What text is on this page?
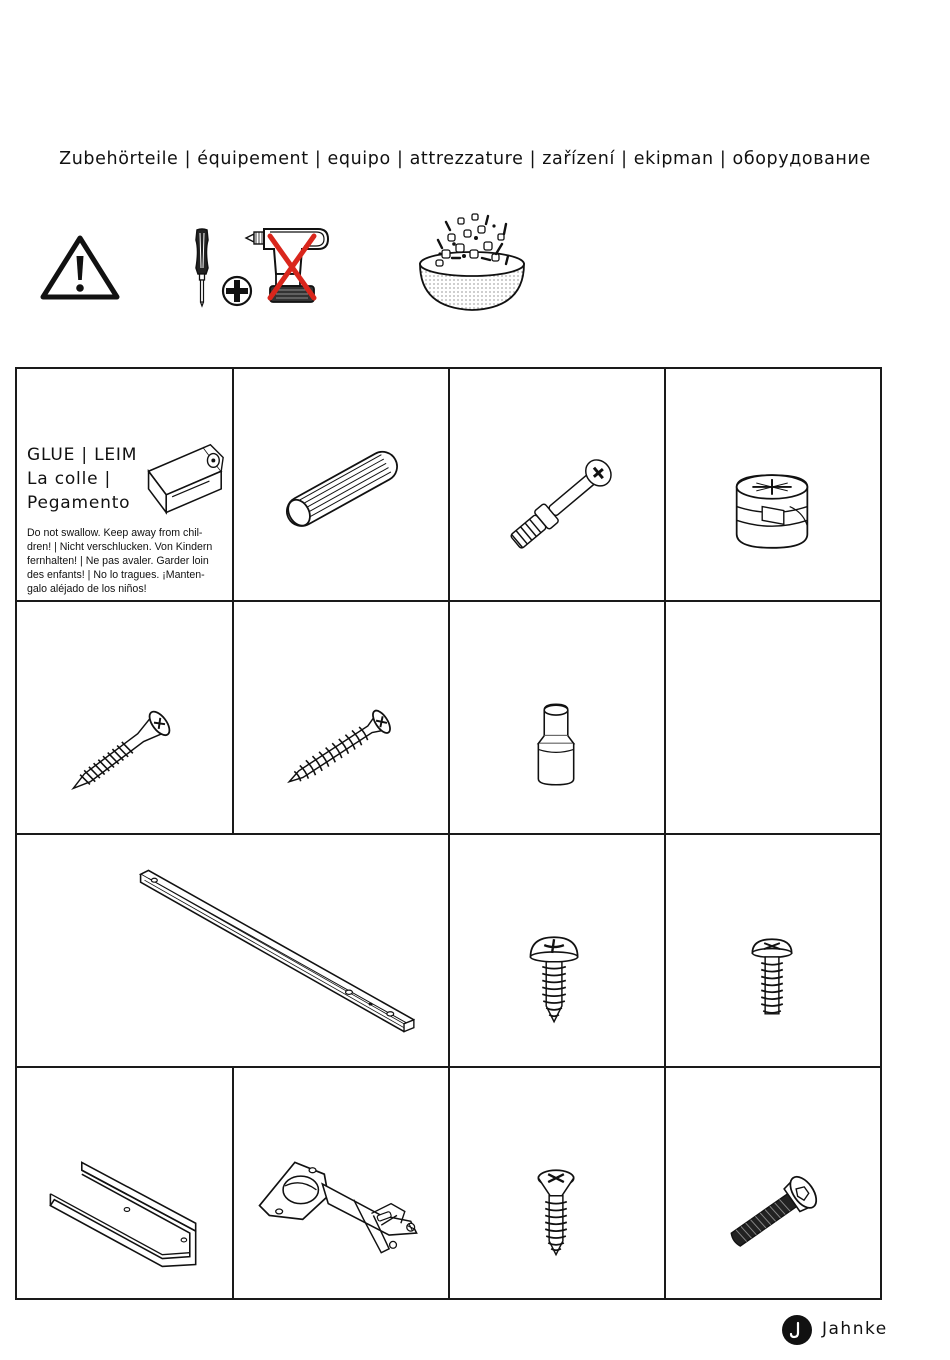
Zubehörteile | équipement | equipo | attrezzature | zařízení | ekipman | оборудование
GLUE | LEIM
La colle |
Pegamento
Do not swallow. Keep away from chil-
dren! | Nicht verschlucken. Von Kindern
fernhalten! | Ne pas avaler. Garder loin
des enfants! | No lo tragues. ¡Manten-
galo aléjado de los niños!
Jahnke
